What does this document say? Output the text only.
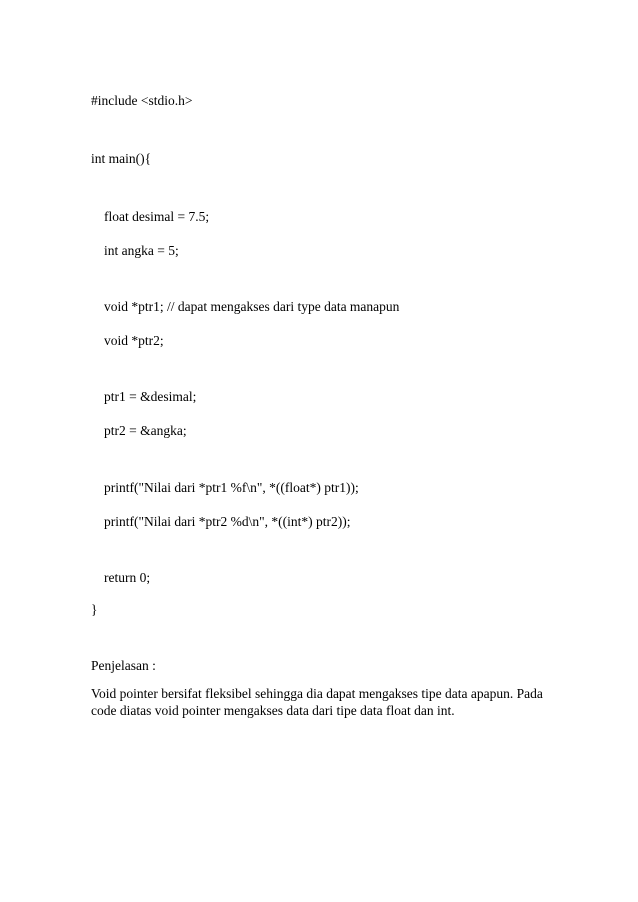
#include <stdio.h>
int main(){
float desimal = 7.5;
int angka = 5;
void *ptr1; // dapat mengakses dari type data manapun
void *ptr2;
ptr1 = &desimal;
ptr2 = &angka;
printf("Nilai dari *ptr1 %f\n", *((float*) ptr1));
printf("Nilai dari *ptr2 %d\n", *((int*) ptr2));
return 0;
}
Penjelasan :
Void pointer bersifat fleksibel sehingga dia dapat mengakses tipe data apapun. Pada code diatas void pointer mengakses data dari tipe data float dan int.
